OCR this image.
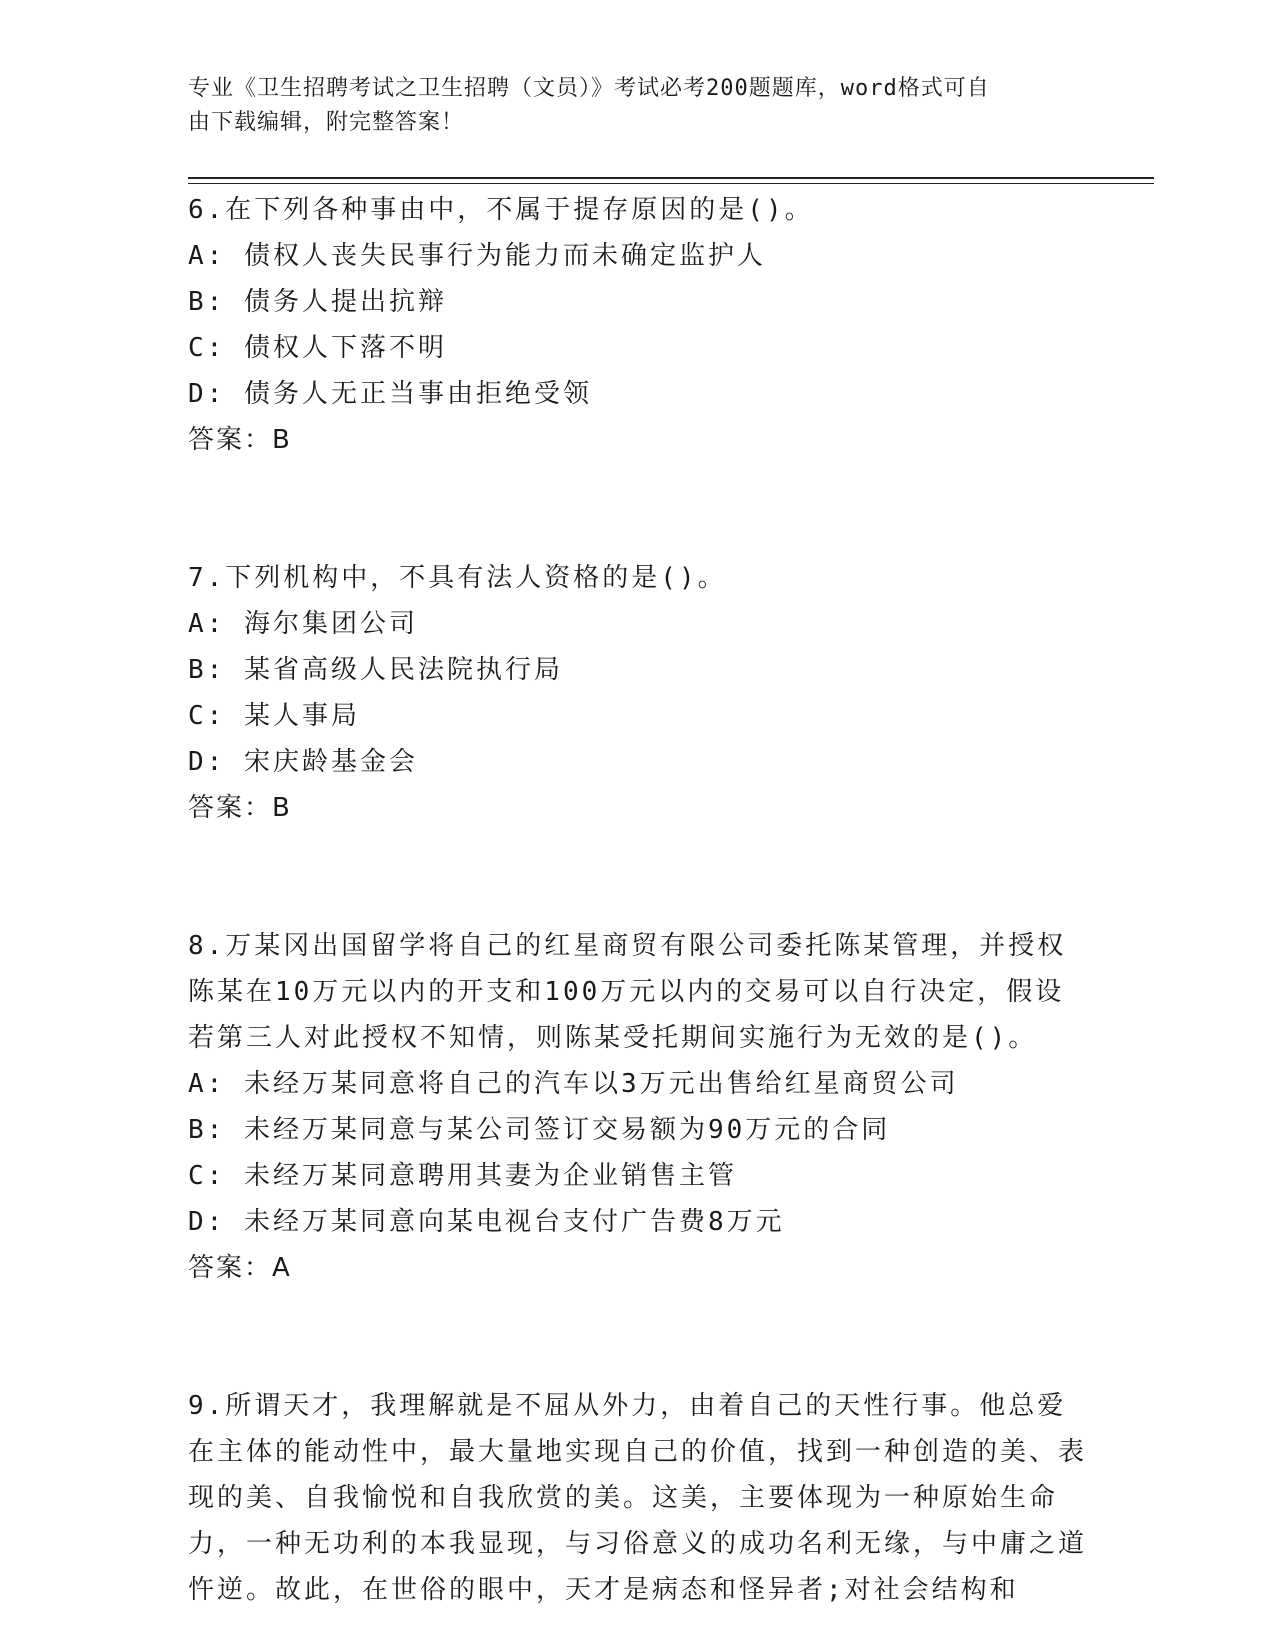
专业《卫生招聘考试之卫生招聘（文员）》考试必考200题题库，word格式可自
由下载编辑，附完整答案！
6.在下列各种事由中，不属于提存原因的是()。
A: 债权人丧失民事行为能力而未确定监护人
B: 债务人提出抗辩
C: 债权人下落不明
D: 债务人无正当事由拒绝受领
答案：B
7.下列机构中，不具有法人资格的是()。
A: 海尔集团公司
B: 某省高级人民法院执行局
C: 某人事局
D: 宋庆龄基金会
答案：B
8.万某冈出国留学将自己的红星商贸有限公司委托陈某管理，并授权陈某在10万元以内的开支和100万元以内的交易可以自行决定，假设若第三人对此授权不知情，则陈某受托期间实施行为无效的是()。
A: 未经万某同意将自己的汽车以3万元出售给红星商贸公司
B: 未经万某同意与某公司签订交易额为90万元的合同
C: 未经万某同意聘用其妻为企业销售主管
D: 未经万某同意向某电视台支付广告费8万元
答案：A
9.所谓天才，我理解就是不屈从外力，由着自己的天性行事。他总爱在主体的能动性中，最大量地实现自己的价值，找到一种创造的美、表现的美、自我愉悦和自我欣赏的美。这美，主要体现为一种原始生命力，一种无功利的本我显现，与习俗意义的成功名利无缘，与中庸之道忤逆。故此，在世俗的眼中，天才是病态和怪异者;对社会结构和
